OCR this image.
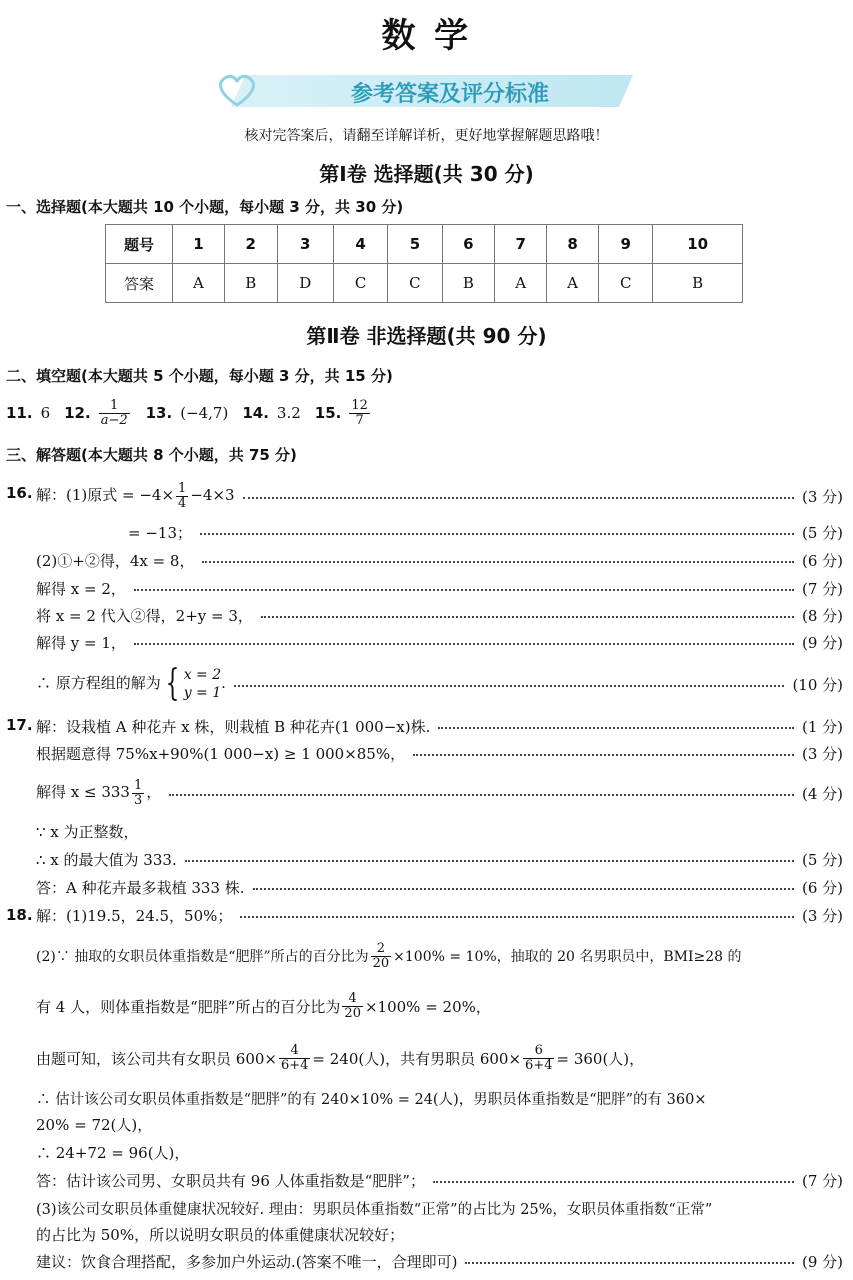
数 学
参考答案及评分标准
核对完答案后，请翻至详解详析，更好地掌握解题思路哦！
第Ⅰ卷 选择题(共 30 分)
一、选择题(本大题共 10 个小题，每小题 3 分，共 30 分)
题号	1	2	3	4	5	6	7	8	9	10
答案	A	B	D	C	C	B	A	A	C	B
第Ⅱ卷 非选择题(共 90 分)
二、填空题(本大题共 5 个小题，每小题 3 分，共 15 分)
11. 6 12. $\frac{1}{a-2} 13$. (−4,7) 14. 3.2 15. $\frac{12}{7}$
三、解答题(本大题共 8 个小题，共 75 分)
16. 解：(1)原式 = $-4\times \frac{1}{4} -4\times 3$	(3 分)
= −13；	(5 分)
(2)①+②得，4x = 8，	(6 分)
解得 x = 2，	(7 分)
将 x = 2 代入②得，2+y = 3，	(8 分)
解得 y = 1，	(9 分)
∴ 原方程组的解为 { x = 2
y = 1
.	(10 分)
17. 解：设栽植 A 种花卉 x 株，则栽植 B 种花卉(1 000−x)株.	(1 分)
根据题意得 75%x+90%(1 000−x) ≥ 1 000×85%，	(3 分)
解得 $x \le 333 \frac{1}{3}$ ，	(4 分)
∵ x 为正整数，
∴ x 的最大值为 333.	(5 分)
答：A 种花卉最多栽植 333 株.	(6 分)
18. 解：(1)19.5，24.5，50%；	(3 分)
(2)∵ 抽取的女职员体重指数是“肥胖”所占的百分比为 $\frac{2}{20} \times 100\% = 10\%$，抽取的 20 名男职员中，BMI≥28 的
有 4 人，则体重指数是“肥胖”所占的百分比为 $\frac{4}{20} \times 100\% = 20\%$，
由题可知，该公司共有女职员 $600\times \frac{4}{6+4} = 240$(人)，共有男职员 $600\times \frac{6}{6+4} = 360$(人)，
∴ 估计该公司女职员体重指数是“肥胖”的有 240×10% = 24(人)，男职员体重指数是“肥胖”的有 360×
20% = 72(人)，
∴ 24+72 = 96(人)，
答：估计该公司男、女职员共有 96 人体重指数是“肥胖”；	(7 分)
(3)该公司女职员体重健康状况较好. 理由：男职员体重指数“正常”的占比为 25%，女职员体重指数“正常”
的占比为 50%，所以说明女职员的体重健康状况较好；
建议：饮食合理搭配，多参加户外运动.(答案不唯一，合理即可)	(9 分)
